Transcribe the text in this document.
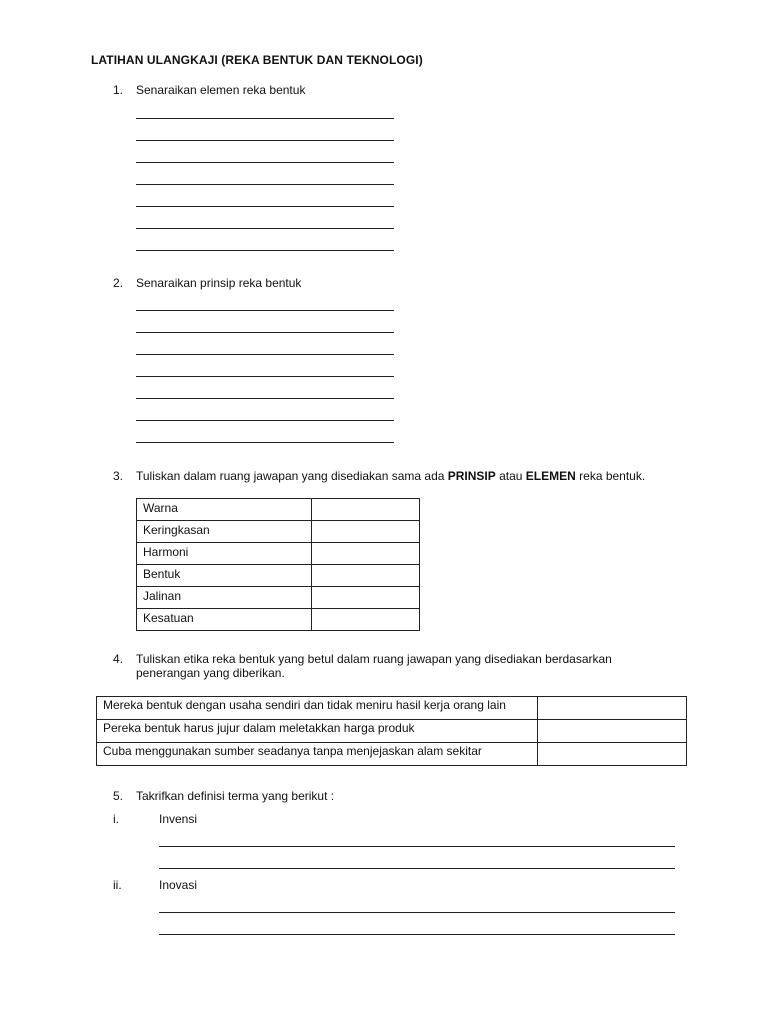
LATIHAN ULANGKAJI (REKA BENTUK DAN TEKNOLOGI)
1. Senaraikan elemen reka bentuk
2. Senaraikan prinsip reka bentuk
3. Tuliskan dalam ruang jawapan yang disediakan sama ada PRINSIP atau ELEMEN reka bentuk.
Warna	
Keringkasan	
Harmoni	
Bentuk	
Jalinan	
Kesatuan	
4. Tuliskan etika reka bentuk yang betul dalam ruang jawapan yang disediakan berdasarkan
penerangan yang diberikan.
Mereka bentuk dengan usaha sendiri dan tidak meniru hasil kerja orang lain	
Pereka bentuk harus jujur dalam meletakkan harga produk	
Cuba menggunakan sumber seadanya tanpa menjejaskan alam sekitar	
5. Takrifkan definisi terma yang berikut :
i.	Invensi
ii.	Inovasi
